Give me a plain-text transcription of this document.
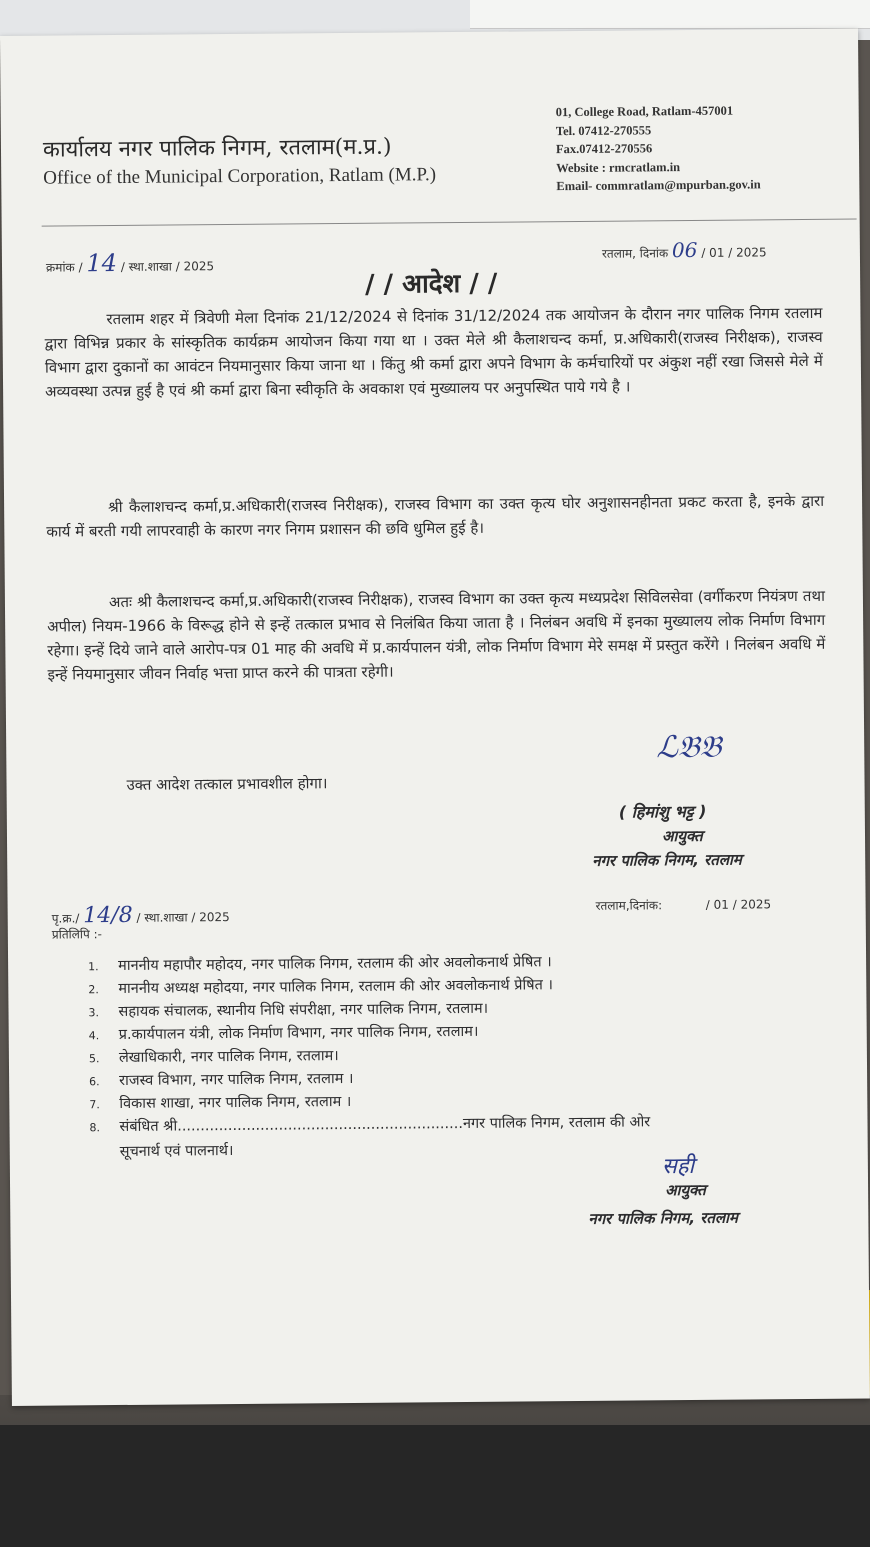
कार्यालय नगर पालिक निगम, रतलाम(म.प्र.)
Office of the Municipal Corporation, Ratlam (M.P.)
01, College Road, Ratlam-457001
Tel. 07412-270555
Fax.07412-270556
Website : rmcratlam.in
Email- commratlam@mpurban.gov.in
क्रमांक / 14 / स्था.शाखा / 2025
रतलाम, दिनांक 06 / 01 / 2025
/ / आदेश / /

रतलाम शहर में त्रिवेणी मेला दिनांक 21/12/2024 से दिनांक 31/12/2024 तक आयोजन के दौरान नगर पालिक निगम रतलाम द्वारा विभिन्न प्रकार के सांस्कृतिक कार्यक्रम आयोजन किया गया था । उक्त मेले श्री कैलाशचन्द कर्मा, प्र.अधिकारी(राजस्व निरीक्षक), राजस्व विभाग द्वारा दुकानों का आवंटन नियमानुसार किया जाना था । किंतु श्री कर्मा द्वारा अपने विभाग के कर्मचारियों पर अंकुश नहीं रखा जिससे मेले में अव्यवस्था उत्पन्न हुई है एवं श्री कर्मा द्वारा बिना स्वीकृति के अवकाश एवं मुख्यालय पर अनुपस्थित पाये गये है ।

श्री कैलाशचन्द कर्मा,प्र.अधिकारी(राजस्व निरीक्षक), राजस्व विभाग का उक्त कृत्य घोर अनुशासनहीनता प्रकट करता है, इनके द्वारा कार्य में बरती गयी लापरवाही के कारण नगर निगम प्रशासन की छवि धुमिल हुई है।

अतः श्री कैलाशचन्द कर्मा,प्र.अधिकारी(राजस्व निरीक्षक), राजस्व विभाग का उक्त कृत्य मध्यप्रदेश सिविलसेवा (वर्गीकरण नियंत्रण तथा अपील) नियम-1966 के विरूद्ध होने से इन्हें तत्काल प्रभाव से निलंबित किया जाता है । निलंबन अवधि में इनका मुख्यालय लोक निर्माण विभाग रहेगा। इन्हें दिये जाने वाले आरोप-पत्र 01 माह की अवधि में प्र.कार्यपालन यंत्री, लोक निर्माण विभाग मेरे समक्ष में प्रस्तुत करेंगे । निलंबन अवधि में इन्हें नियमानुसार जीवन निर्वाह भत्ता प्राप्त करने की पात्रता रहेगी।

उक्त आदेश तत्काल प्रभावशील होगा।
ℒ𝔅𝔅
( हिमांशु भट्ट )
आयुक्त
नगर पालिक निगम, रतलाम
पृ.क्र./ 14/8 / स्था.शाखा / 2025
प्रतिलिपि :-
रतलाम,दिनांक:	/ 01 / 2025
1.	माननीय महापौर महोदय, नगर पालिक निगम, रतलाम की ओर अवलोकनार्थ प्रेषित ।
2.	माननीय अध्यक्ष महोदया, नगर पालिक निगम, रतलाम की ओर अवलोकनार्थ प्रेषित ।
3.	सहायक संचालक, स्थानीय निधि संपरीक्षा, नगर पालिक निगम, रतलाम।
4.	प्र.कार्यपालन यंत्री, लोक निर्माण विभाग, नगर पालिक निगम, रतलाम।
5.	लेखाधिकारी, नगर पालिक निगम, रतलाम।
6.	राजस्व विभाग, नगर पालिक निगम, रतलाम ।
7.	विकास शाखा, नगर पालिक निगम, रतलाम ।
8.	संबंधित श्री..............................................................नगर पालिक निगम, रतलाम की ओर
सूचनार्थ एवं पालनार्थ।
सही
आयुक्त
नगर पालिक निगम, रतलाम
